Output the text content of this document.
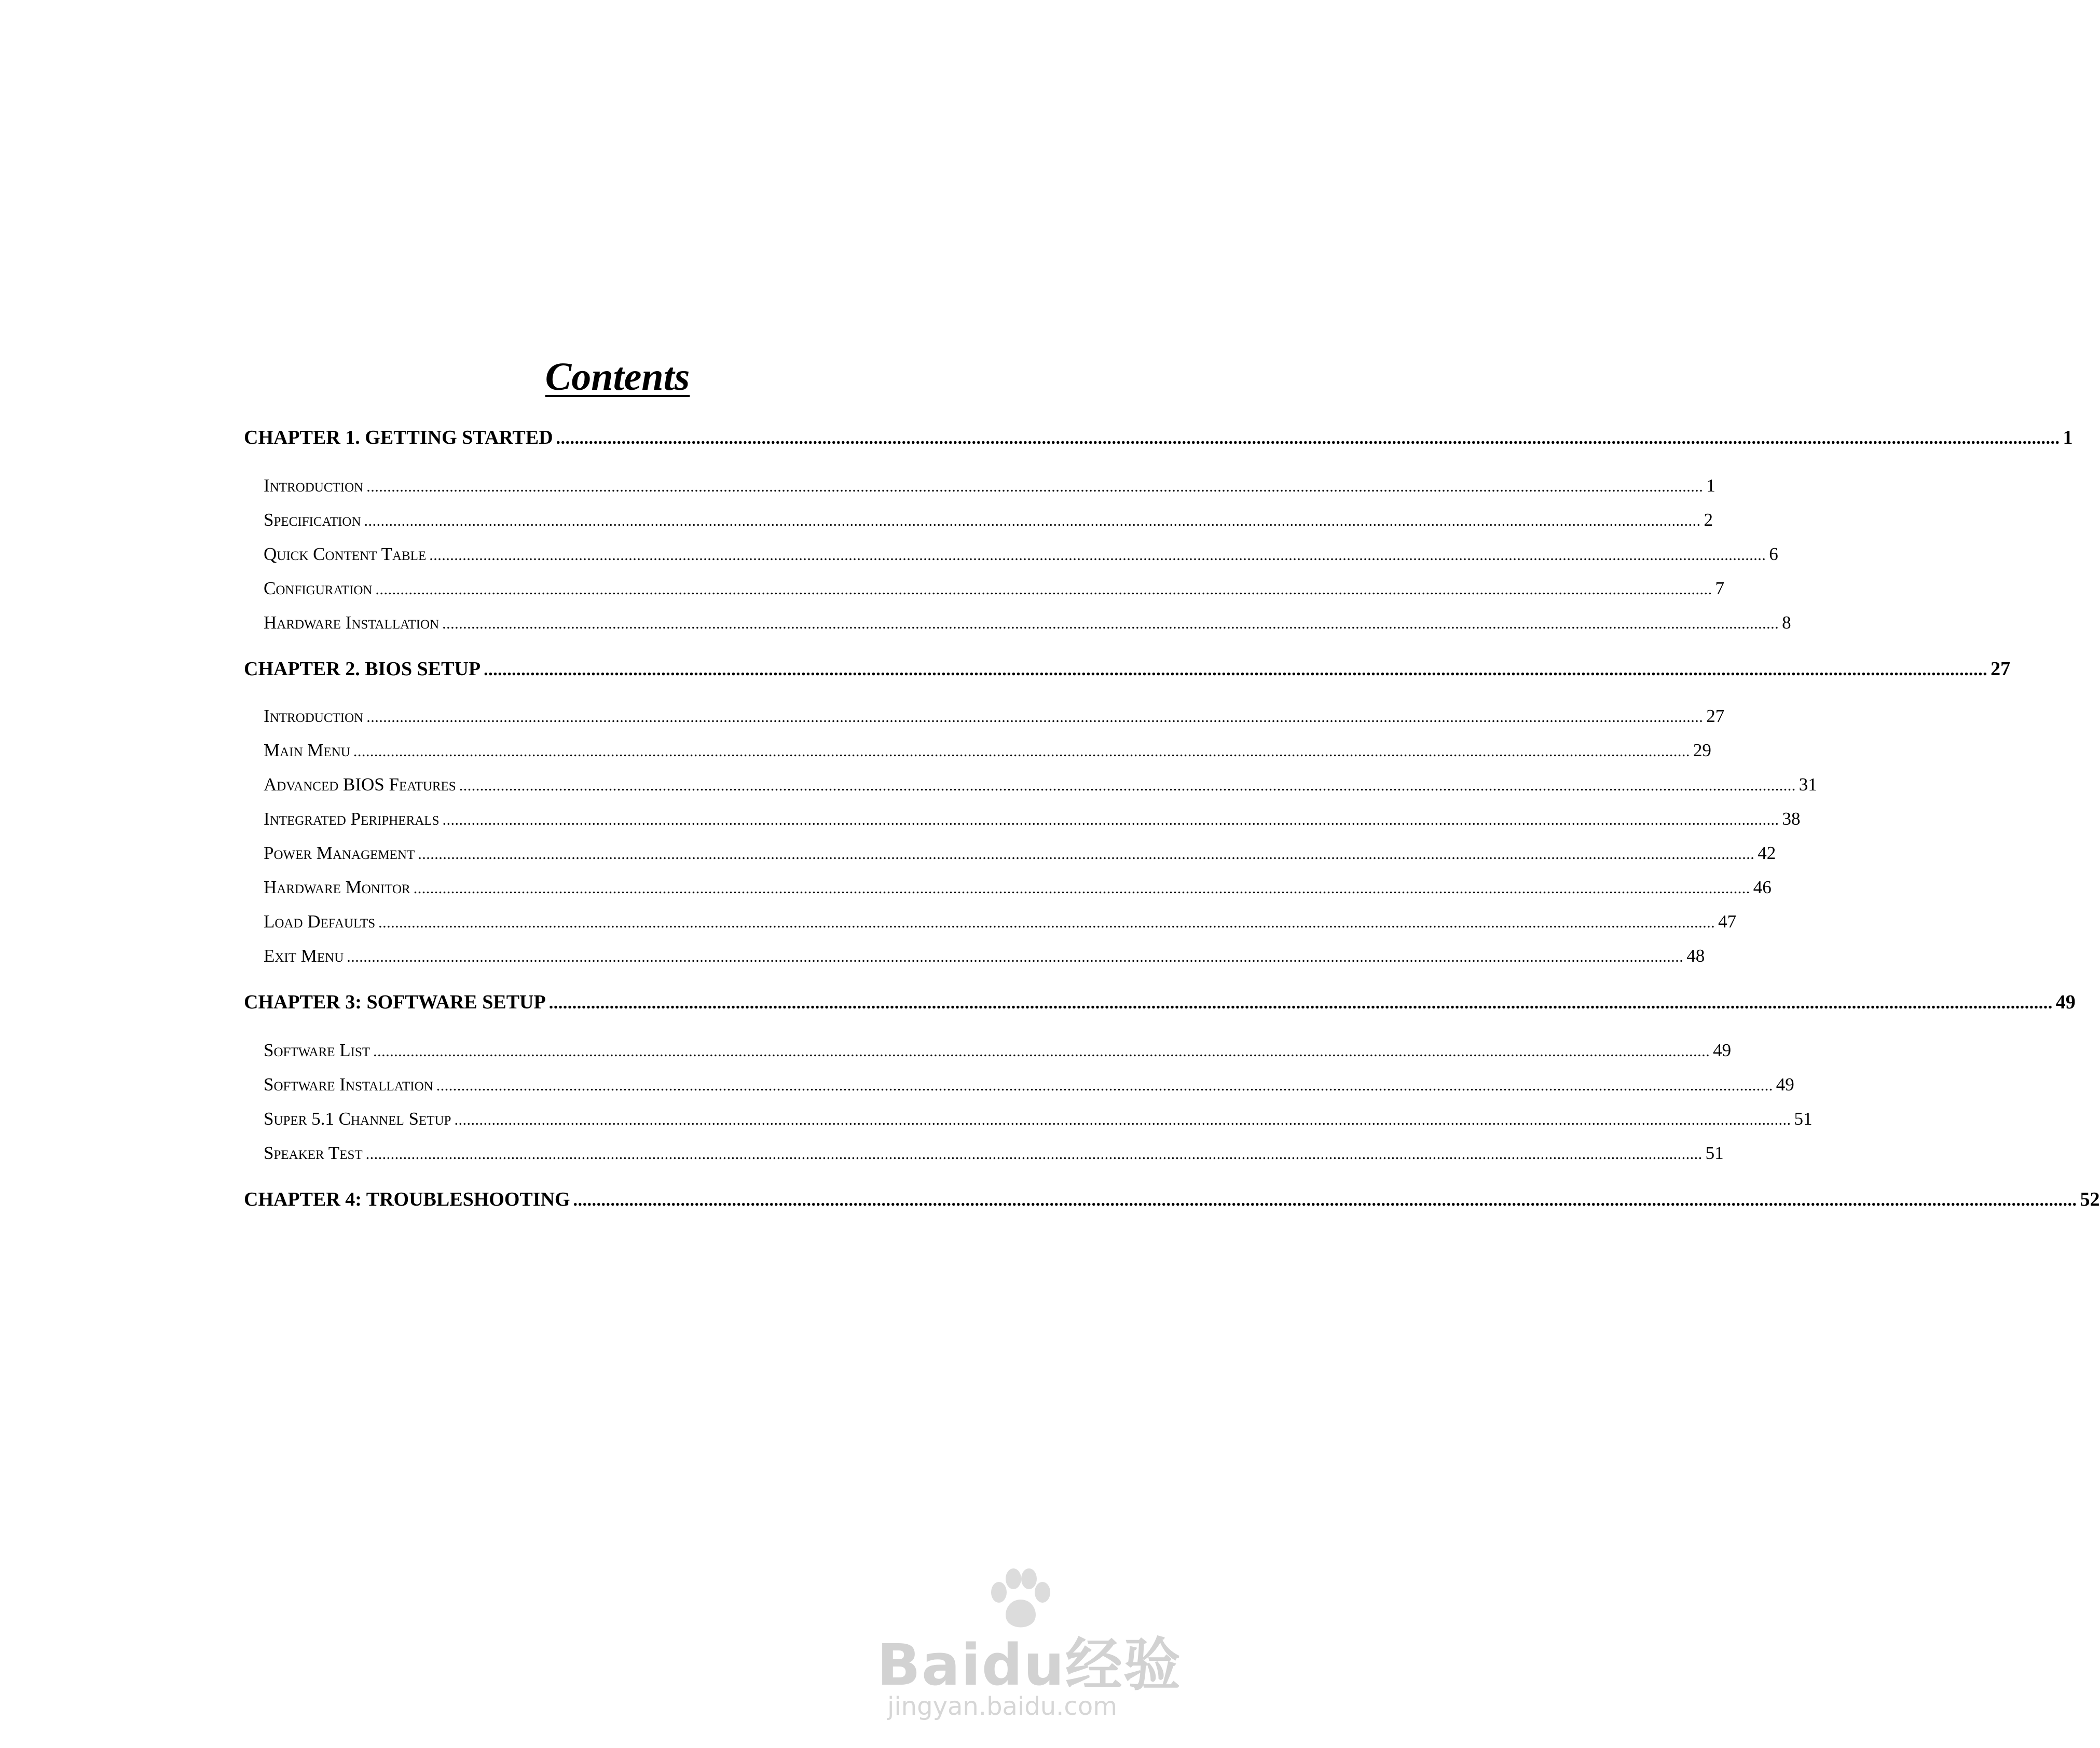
Contents
CHAPTER 1. GETTING STARTED .................................................................................................................................................................................................................................................................................................................................. 1
Introduction .................................................................................................................................................................................................................................................................................................................................. 1
Specification .................................................................................................................................................................................................................................................................................................................................. 2
Quick Content Table .................................................................................................................................................................................................................................................................................................................................. 6
Configuration .................................................................................................................................................................................................................................................................................................................................. 7
Hardware Installation .................................................................................................................................................................................................................................................................................................................................. 8
CHAPTER 2. BIOS SETUP .................................................................................................................................................................................................................................................................................................................................. 27
Introduction .................................................................................................................................................................................................................................................................................................................................. 27
Main Menu .................................................................................................................................................................................................................................................................................................................................. 29
Advanced BIOS Features .................................................................................................................................................................................................................................................................................................................................. 31
Integrated Peripherals .................................................................................................................................................................................................................................................................................................................................. 38
Power Management .................................................................................................................................................................................................................................................................................................................................. 42
Hardware Monitor .................................................................................................................................................................................................................................................................................................................................. 46
Load Defaults .................................................................................................................................................................................................................................................................................................................................. 47
Exit Menu .................................................................................................................................................................................................................................................................................................................................. 48
CHAPTER 3: SOFTWARE SETUP .................................................................................................................................................................................................................................................................................................................................. 49
Software List .................................................................................................................................................................................................................................................................................................................................. 49
Software Installation .................................................................................................................................................................................................................................................................................................................................. 49
Super 5.1 Channel Setup .................................................................................................................................................................................................................................................................................................................................. 51
Speaker Test .................................................................................................................................................................................................................................................................................................................................. 51
CHAPTER 4: TROUBLESHOOTING .................................................................................................................................................................................................................................................................................................................................. 52
Baidu经验
jingyan.baidu.com
